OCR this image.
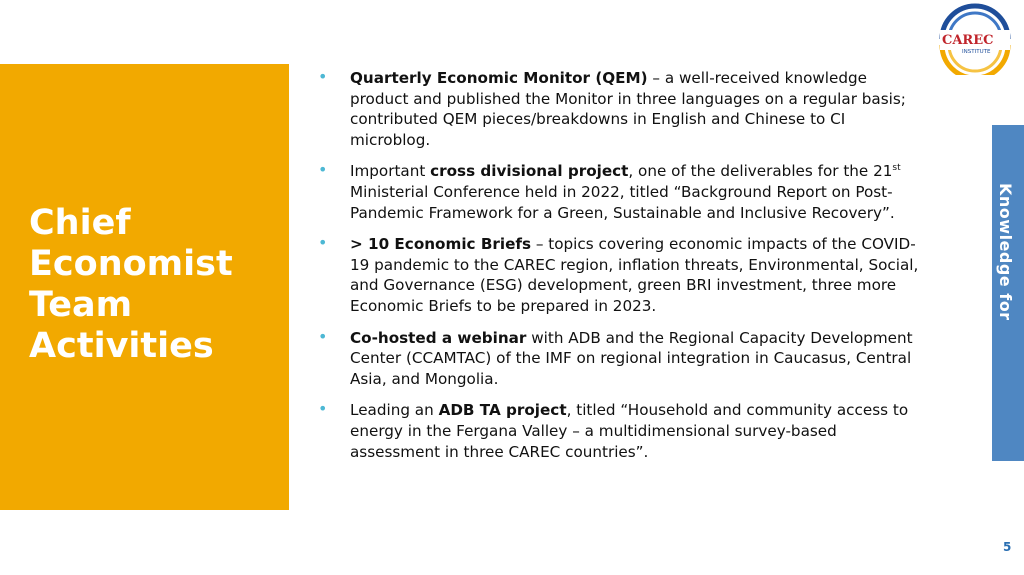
CAREC
INSTITUTE
Chief
Economist
Team
Activities
• Quarterly Economic Monitor (QEM) – a well-received knowledge product and published the Monitor in three languages on a regular basis; contributed QEM pieces/breakdowns in English and Chinese to CI microblog.
• Important cross divisional project, one of the deliverables for the 21st Ministerial Conference held in 2022, titled “Background Report on Post-Pandemic Framework for a Green, Sustainable and Inclusive Recovery”.
• > 10 Economic Briefs – topics covering economic impacts of the COVID-19 pandemic to the CAREC region, inflation threats, Environmental, Social, and Governance (ESG) development, green BRI investment, three more Economic Briefs to be prepared in 2023.
• Co-hosted a webinar with ADB and the Regional Capacity Development Center (CCAMTAC) of the IMF on regional integration in Caucasus, Central Asia, and Mongolia.
• Leading an ADB TA project, titled “Household and community access to energy in the Fergana Valley – a multidimensional survey-based assessment in three CAREC countries”.
Knowledge for
5
